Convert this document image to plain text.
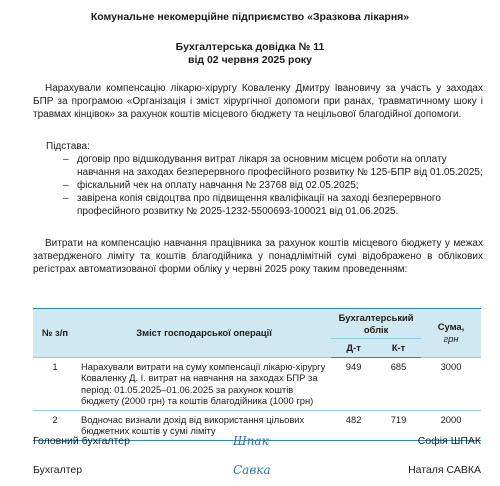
Комунальне некомерційне підприємство «Зразкова лікарня»
Бухгалтерська довідка № 11
від 02 червня 2025 року
Нарахували компенсацію лікарю-хірургу Коваленку Дмитру Івановичу за участь у заходах БПР за програмою «Організація і зміст хірургічної допомоги при ранах, травматичному шоку і травмах кінцівок» за рахунок коштів місцевого бюджету та нецільової благодійної допомоги.
Підстава:
– договір про відшкодування витрат лікаря за основним місцем роботи на оплату навчання на заходах безперервного професійного розвитку № 125-БПР від 01.05.2025;
– фіскальний чек на оплату навчання № 23768 від 02.05.2025;
– завірена копія свідоцтва про підвищення кваліфікації на заході безперервного професійного розвитку № 2025-1232-5500693-100021 від 01.06.2025.
Витрати на компенсацію навчання працівника за рахунок коштів місцевого бюджету у межах затвердженого ліміту та коштів благодійника у понадлімітній сумі відображено в облікових регістрах автоматизованої форми обліку у червні 2025 року таким проведенням:
№ з/п	Зміст господарської операції	Бухгалтерський облік		Сума,
грн

		Д-т	К-т	
1	Нарахували витрати на суму компенсації лікарю-хірургу Коваленку Д. І. витрат на навчання на заходах БПР за період: 01.05.2025–01.06.2025 за рахунок коштів бюджету (2000 грн) та коштів благодійника (1000 грн)	949	685	3000
2	Водночас визнали дохід від використання цільових бюджетних коштів у сумі ліміту	482	719	2000
Головний бухгалтер	Шпак	Софія ШПАК
Бухгалтер	Савка	Наталя САВКА
